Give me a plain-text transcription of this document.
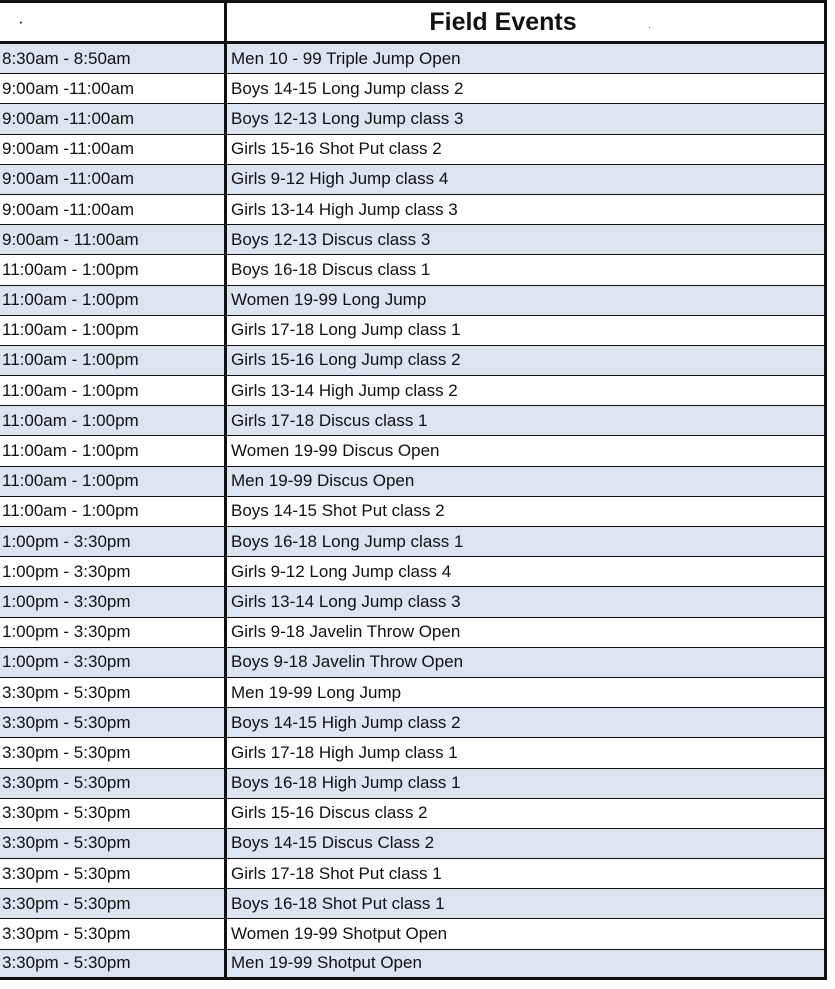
·	Field Events
8:30am - 8:50am	Men 10 - 99 Triple Jump Open
9:00am -11:00am	Boys 14-15 Long Jump class 2
9:00am -11:00am	Boys 12-13 Long Jump class 3
9:00am -11:00am	Girls 15-16 Shot Put class 2
9:00am -11:00am	Girls 9-12 High Jump class 4
9:00am -11:00am	Girls 13-14 High Jump class 3
9:00am - 11:00am	Boys 12-13 Discus class 3
11:00am - 1:00pm	Boys 16-18 Discus class 1
11:00am - 1:00pm	Women 19-99 Long Jump
11:00am - 1:00pm	Girls 17-18 Long Jump class 1
11:00am - 1:00pm	Girls 15-16 Long Jump class 2
11:00am - 1:00pm	Girls 13-14 High Jump class 2
11:00am - 1:00pm	Girls 17-18 Discus class 1
11:00am - 1:00pm	Women 19-99 Discus Open
11:00am - 1:00pm	Men 19-99 Discus Open
11:00am - 1:00pm	Boys 14-15 Shot Put class 2
1:00pm - 3:30pm	Boys 16-18 Long Jump class 1
1:00pm - 3:30pm	Girls 9-12 Long Jump class 4
1:00pm - 3:30pm	Girls 13-14 Long Jump class 3
1:00pm - 3:30pm	Girls 9-18 Javelin Throw Open
1:00pm - 3:30pm	Boys 9-18 Javelin Throw Open
3:30pm - 5:30pm	Men 19-99 Long Jump
3:30pm - 5:30pm	Boys 14-15 High Jump class 2
3:30pm - 5:30pm	Girls 17-18 High Jump class 1
3:30pm - 5:30pm	Boys 16-18 High Jump class 1
3:30pm - 5:30pm	Girls 15-16 Discus class 2
3:30pm - 5:30pm	Boys 14-15 Discus Class 2
3:30pm - 5:30pm	Girls 17-18 Shot Put class 1
3:30pm - 5:30pm	Boys 16-18 Shot Put class 1
3:30pm - 5:30pm	Women 19-99 Shotput Open
3:30pm - 5:30pm	Men 19-99 Shotput Open
·
